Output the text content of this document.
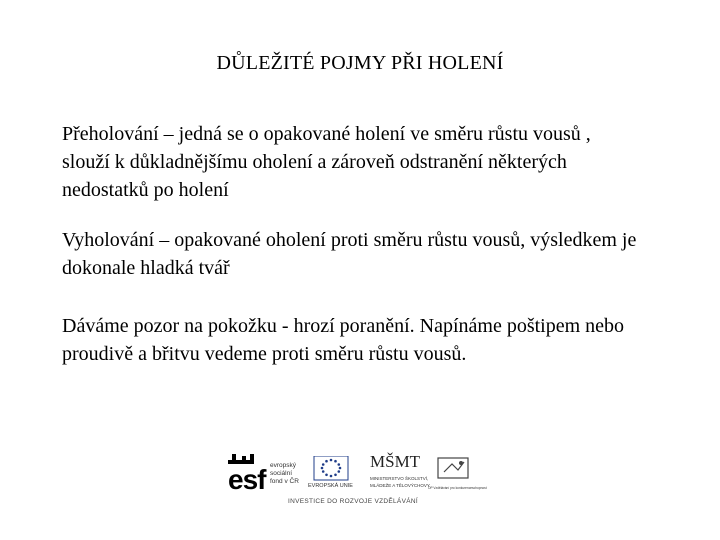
DŮLEŽITÉ POJMY PŘI HOLENÍ
Přeholování – jedná se o opakované holení ve směru růstu vousů , slouží k důkladnějšímu oholení a zároveň odstranění některých nedostatků po holení
Vyholování – opakované oholení proti směru růstu vousů, výsledkem je dokonale hladká tvář
Dáváme pozor na pokožku - hrozí poranění. Napínáme poštipem nebo proudivě a břitvu vedeme proti směru růstu vousů.
esf evropský
sociální
fond v ČR
EVROPSKÁ UNIE
MŠMT
MINISTERSTVO ŠKOLSTVÍ,
MLÁDEŽE A TĚLOVÝCHOVY
OP Vzdělávání pro konkurenceschopnost
INVESTICE DO ROZVOJE VZDĚLÁVÁNÍ
